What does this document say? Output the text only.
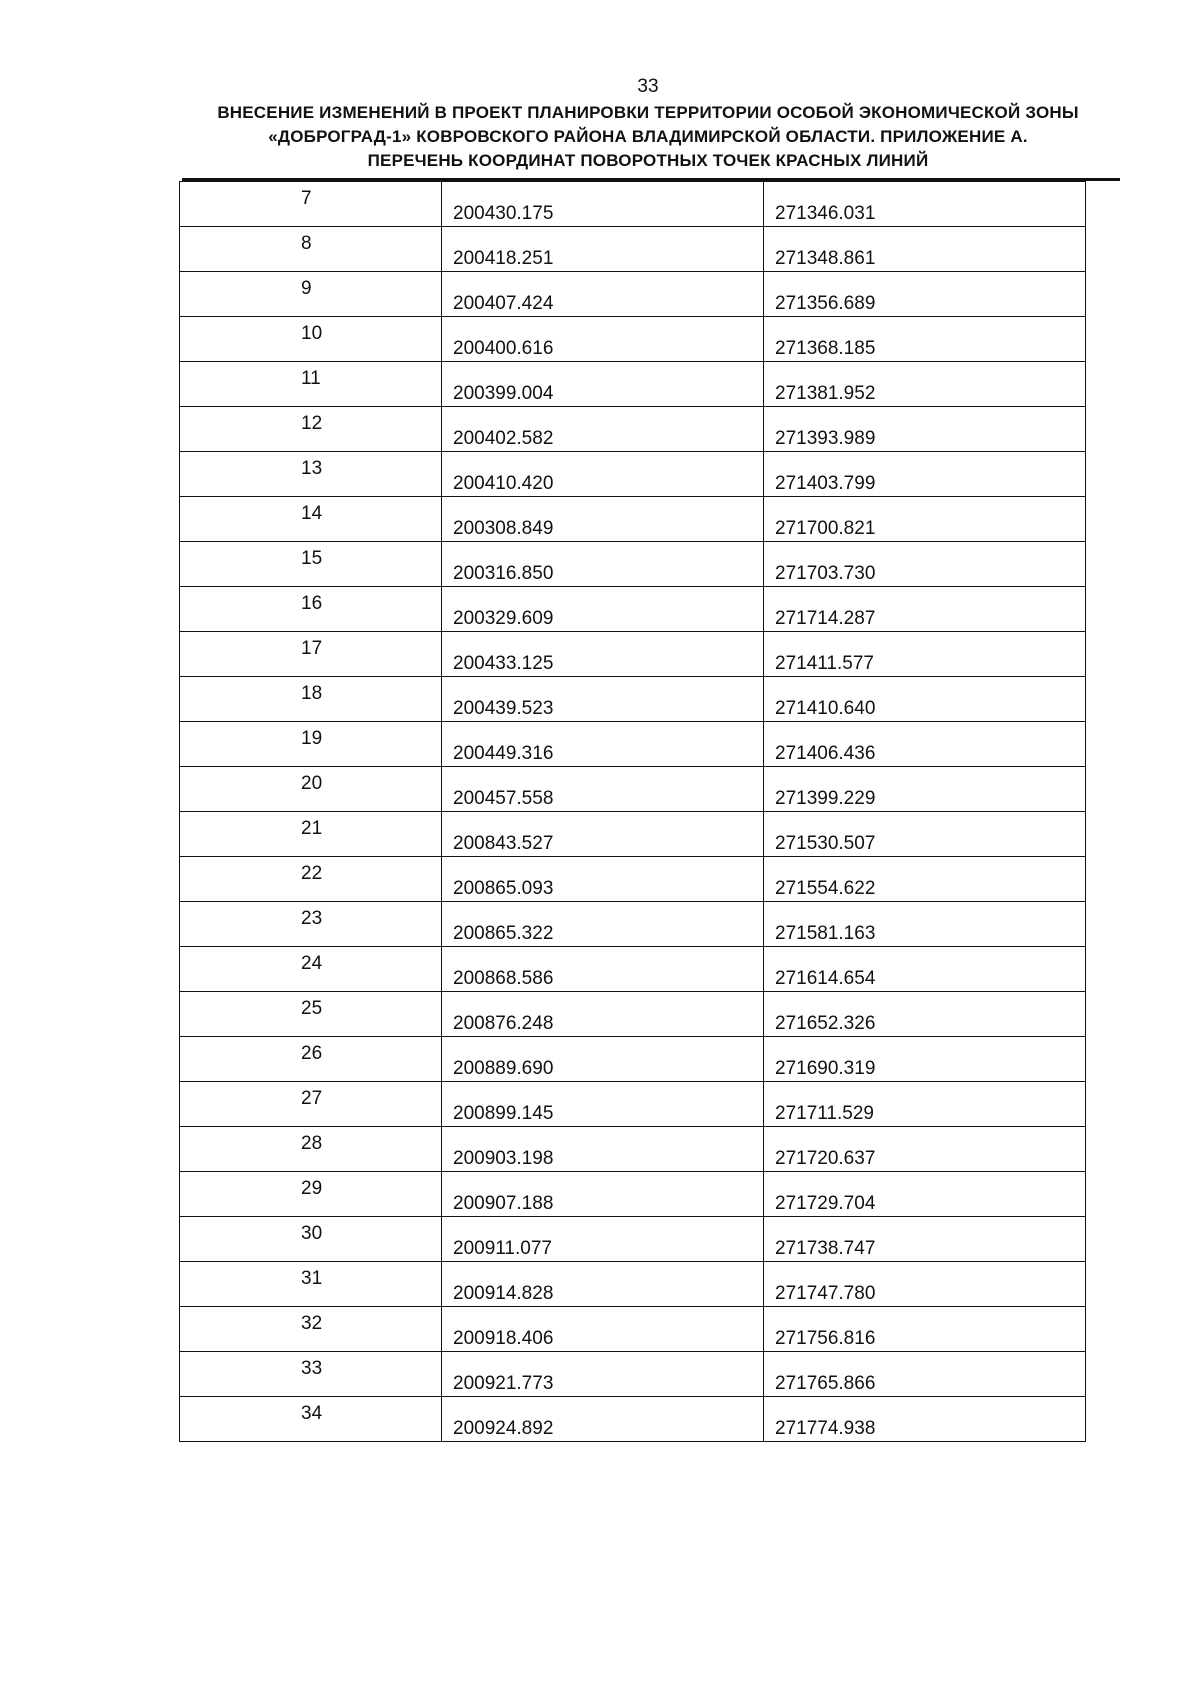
33
ВНЕСЕНИЕ ИЗМЕНЕНИЙ В ПРОЕКТ ПЛАНИРОВКИ ТЕРРИТОРИИ ОСОБОЙ ЭКОНОМИЧЕСКОЙ ЗОНЫ
«ДОБРОГРАД-1» КОВРОВСКОГО РАЙОНА ВЛАДИМИРСКОЙ ОБЛАСТИ. ПРИЛОЖЕНИЕ А.
ПЕРЕЧЕНЬ КООРДИНАТ ПОВОРОТНЫХ ТОЧЕК КРАСНЫХ ЛИНИЙ
7	200430.175	271346.031
8	200418.251	271348.861
9	200407.424	271356.689
10	200400.616	271368.185
11	200399.004	271381.952
12	200402.582	271393.989
13	200410.420	271403.799
14	200308.849	271700.821
15	200316.850	271703.730
16	200329.609	271714.287
17	200433.125	271411.577
18	200439.523	271410.640
19	200449.316	271406.436
20	200457.558	271399.229
21	200843.527	271530.507
22	200865.093	271554.622
23	200865.322	271581.163
24	200868.586	271614.654
25	200876.248	271652.326
26	200889.690	271690.319
27	200899.145	271711.529
28	200903.198	271720.637
29	200907.188	271729.704
30	200911.077	271738.747
31	200914.828	271747.780
32	200918.406	271756.816
33	200921.773	271765.866
34	200924.892	271774.938
